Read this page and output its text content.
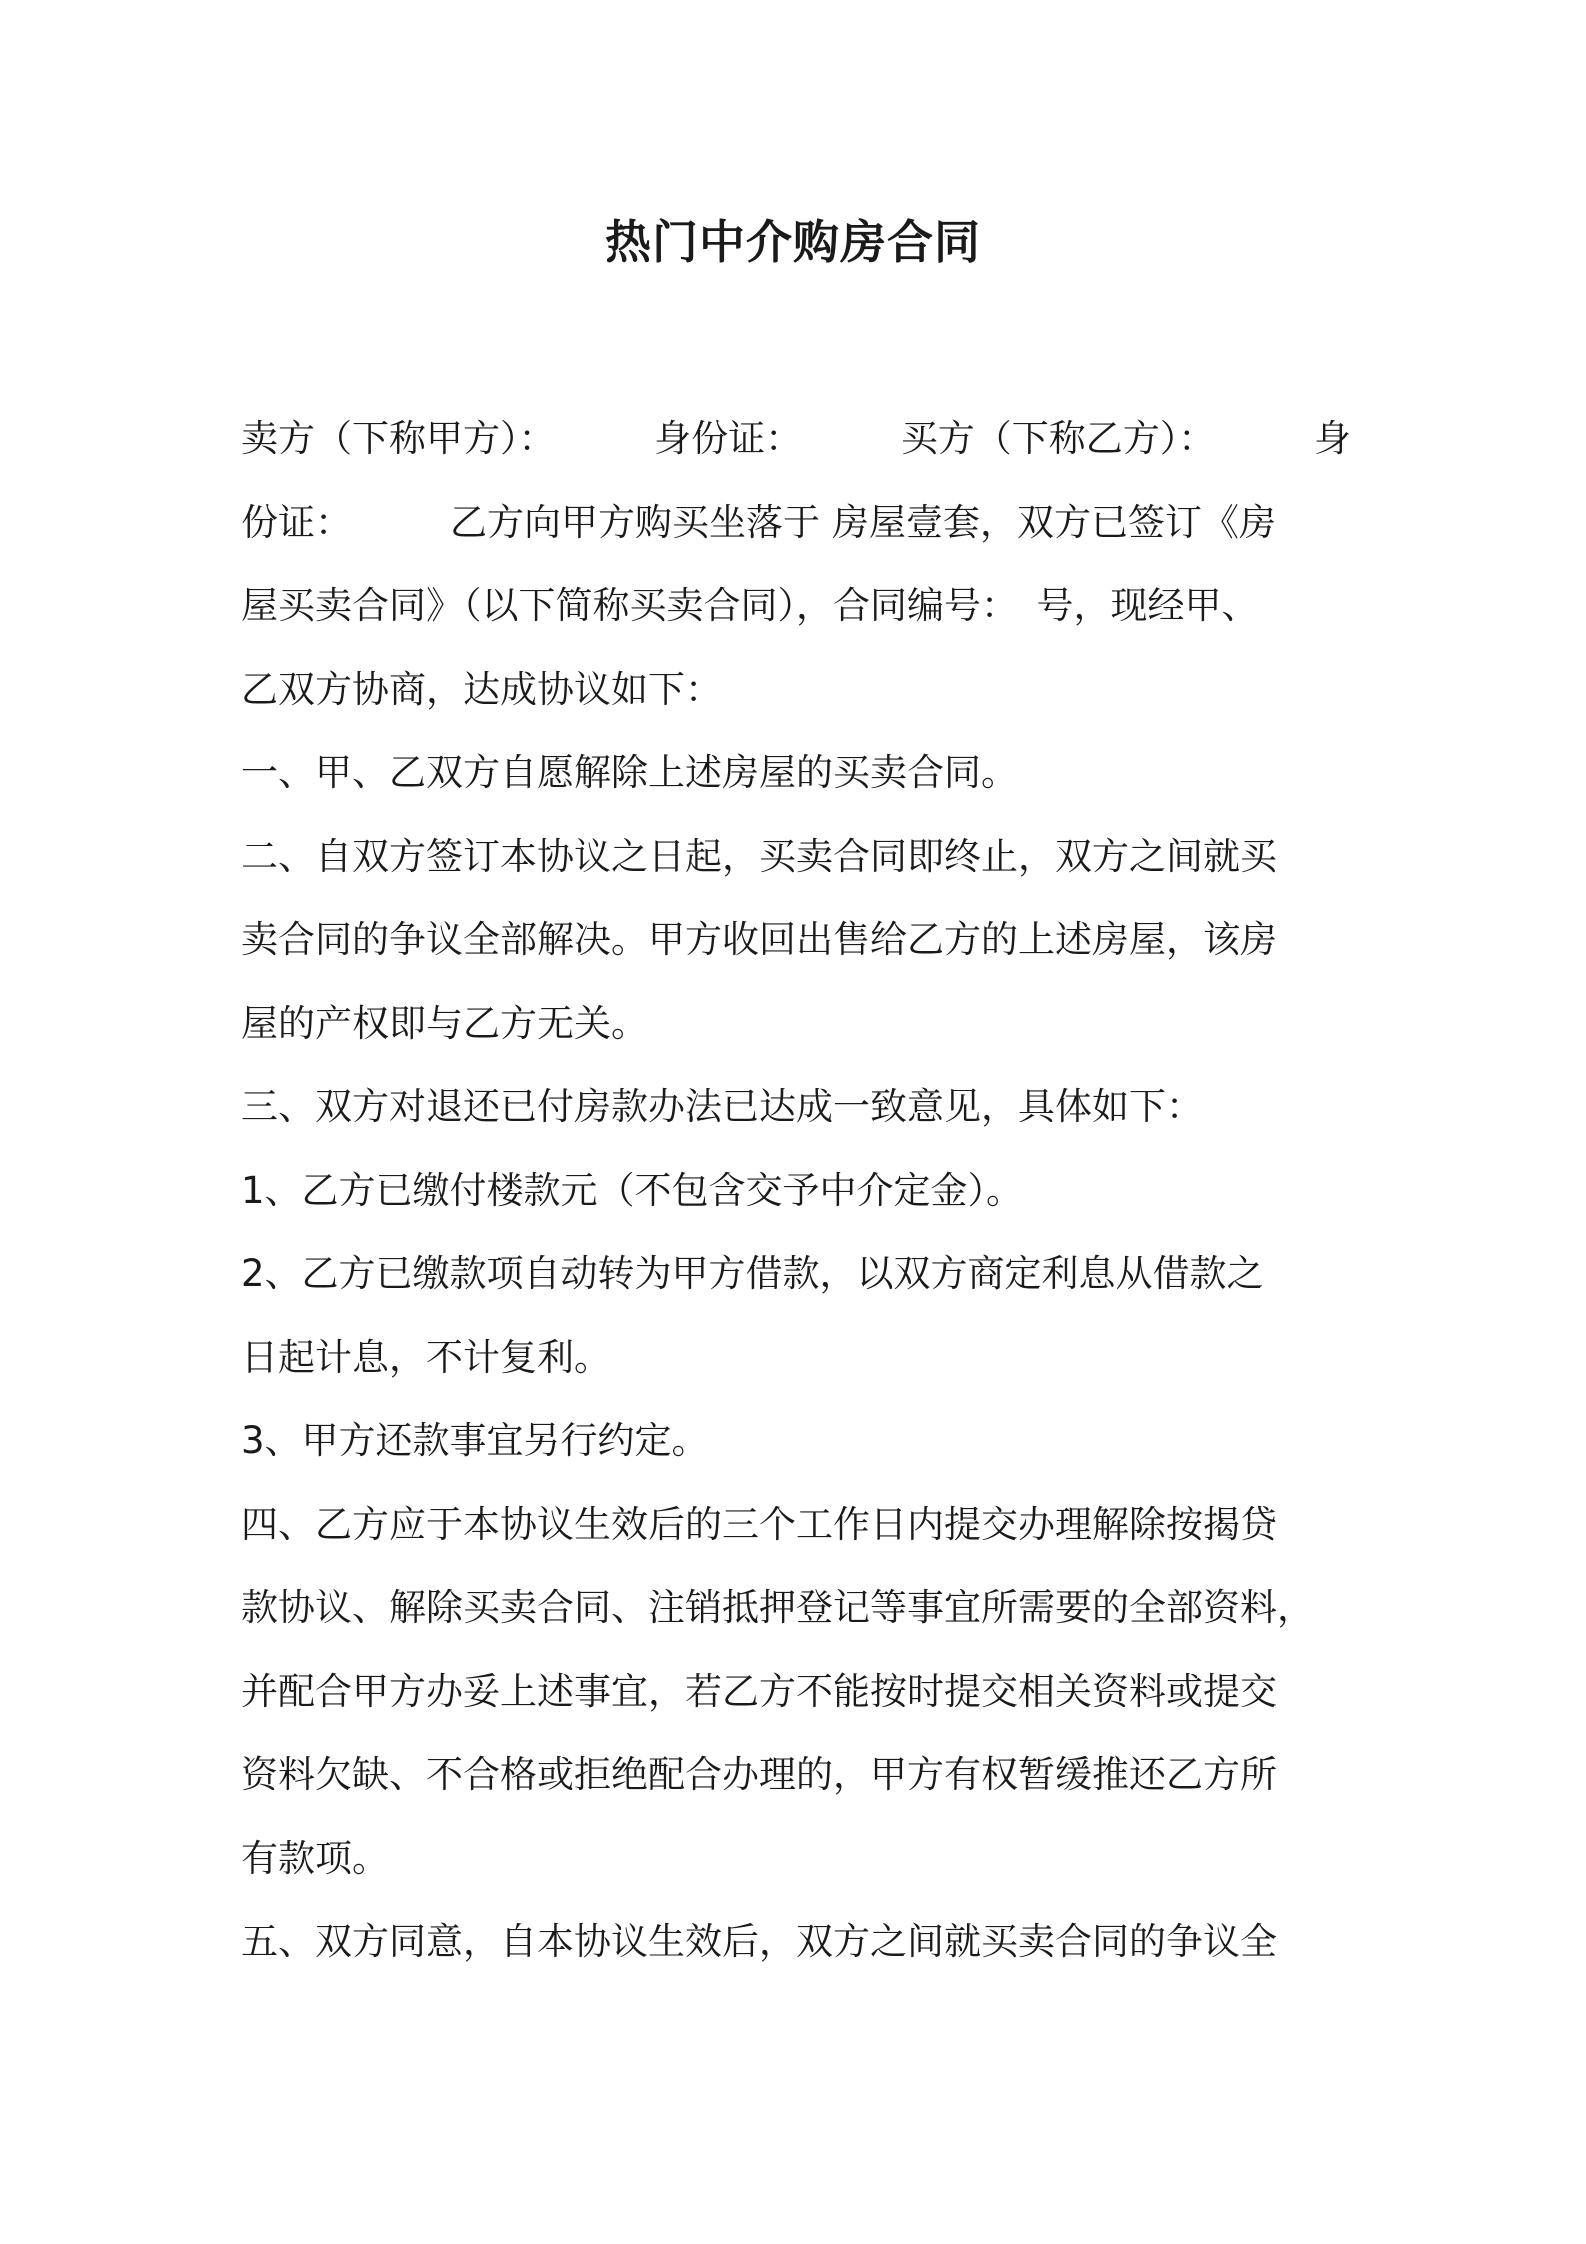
热门中介购房合同
卖方（下称甲方）：	身份证：	买方（下称乙方）：	身
份证：	乙方向甲方购买坐落于 房屋壹套，双方已签订《房
屋买卖合同》（以下简称买卖合同），合同编号：　号，现经甲、
乙双方协商，达成协议如下：
一、甲、乙双方自愿解除上述房屋的买卖合同。
二、自双方签订本协议之日起，买卖合同即终止，双方之间就买
卖合同的争议全部解决。甲方收回出售给乙方的上述房屋，该房
屋的产权即与乙方无关。
三、双方对退还已付房款办法已达成一致意见，具体如下：
1、乙方已缴付楼款元（不包含交予中介定金）。
2、乙方已缴款项自动转为甲方借款，以双方商定利息从借款之
日起计息，不计复利。
3、甲方还款事宜另行约定。
四、乙方应于本协议生效后的三个工作日内提交办理解除按揭贷
款协议、解除买卖合同、注销抵押登记等事宜所需要的全部资料，
并配合甲方办妥上述事宜，若乙方不能按时提交相关资料或提交
资料欠缺、不合格或拒绝配合办理的，甲方有权暂缓推还乙方所
有款项。
五、双方同意，自本协议生效后，双方之间就买卖合同的争议全
